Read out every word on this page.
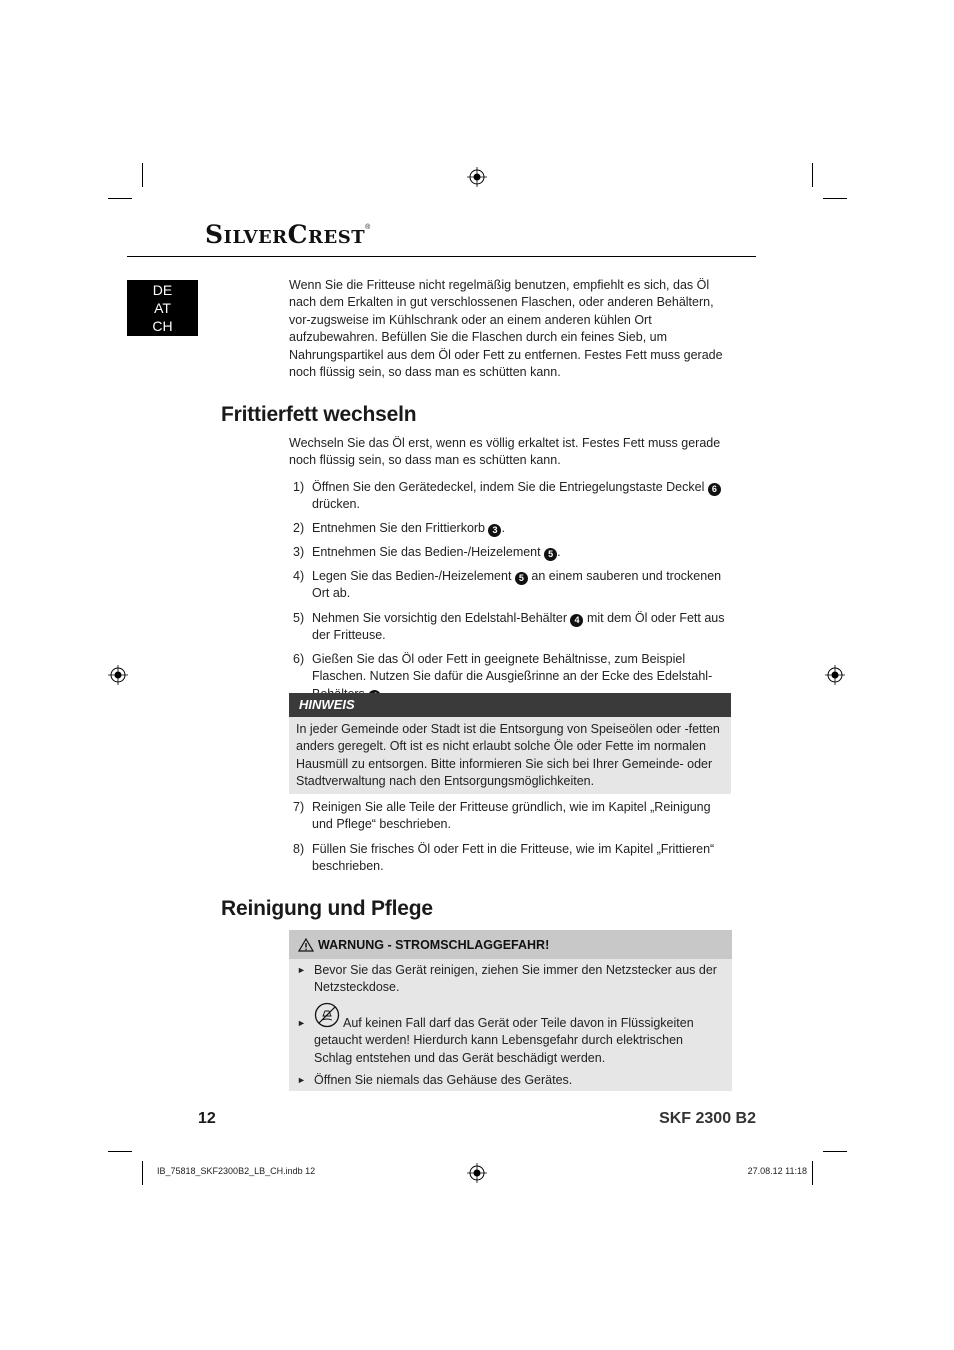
SilverCrest®
DE
AT
CH
Wenn Sie die Fritteuse nicht regelmäßig benutzen, empfiehlt es sich, das Öl nach dem Erkalten in gut verschlossenen Flaschen, oder anderen Behältern, vor-zugsweise im Kühlschrank oder an einem anderen kühlen Ort aufzubewahren. Befüllen Sie die Flaschen durch ein feines Sieb, um Nahrungspartikel aus dem Öl oder Fett zu entfernen. Festes Fett muss gerade noch flüssig sein, so dass man es schütten kann.
Frittierfett wechseln
Wechseln Sie das Öl erst, wenn es völlig erkaltet ist. Festes Fett muss gerade noch flüssig sein, so dass man es schütten kann.
1) Öffnen Sie den Gerätedeckel, indem Sie die Entriegelungstaste Deckel 6 drücken.
2) Entnehmen Sie den Frittierkorb 3 .
3) Entnehmen Sie das Bedien-/Heizelement 5 .
4) Legen Sie das Bedien-/Heizelement 5 an einem sauberen und trockenen Ort ab.
5) Nehmen Sie vorsichtig den Edelstahl-Behälter 4 mit dem Öl oder Fett aus der Fritteuse.
6) Gießen Sie das Öl oder Fett in geeignete Behältnisse, zum Beispiel Flaschen. Nutzen Sie dafür die Ausgießrinne an der Ecke des Edelstahl-
HINWEIS
In jeder Gemeinde oder Stadt ist die Entsorgung von Speiseölen oder -fetten anders geregelt. Oft ist es nicht erlaubt solche Öle oder Fette im normalen Hausmüll zu entsorgen. Bitte informieren Sie sich bei Ihrer Gemeinde- oder Stadtverwaltung nach den Entsorgungsmöglichkeiten.
7) Reinigen Sie alle Teile der Fritteuse gründlich, wie im Kapitel „Reinigung und Pflege“ beschrieben.
8) Füllen Sie frisches Öl oder Fett in die Fritteuse, wie im Kapitel „Frittieren“ beschrieben.
Reinigung und Pflege
WARNUNG - STROMSCHLAGGEFAHR!
► Bevor Sie das Gerät reinigen, ziehen Sie immer den Netzstecker aus der Netzsteckdose.
►	Auf keinen Fall darf das Gerät oder Teile davon in Flüssigkeiten getaucht werden! Hierdurch kann Lebensgefahr durch elektrischen Schlag entstehen und das Gerät beschädigt werden.
► Öffnen Sie niemals das Gehäuse des Gerätes.
12	SKF 2300 B2
IB_75818_SKF2300B2_LB_CH.indb 12	27.08.12 11:18
